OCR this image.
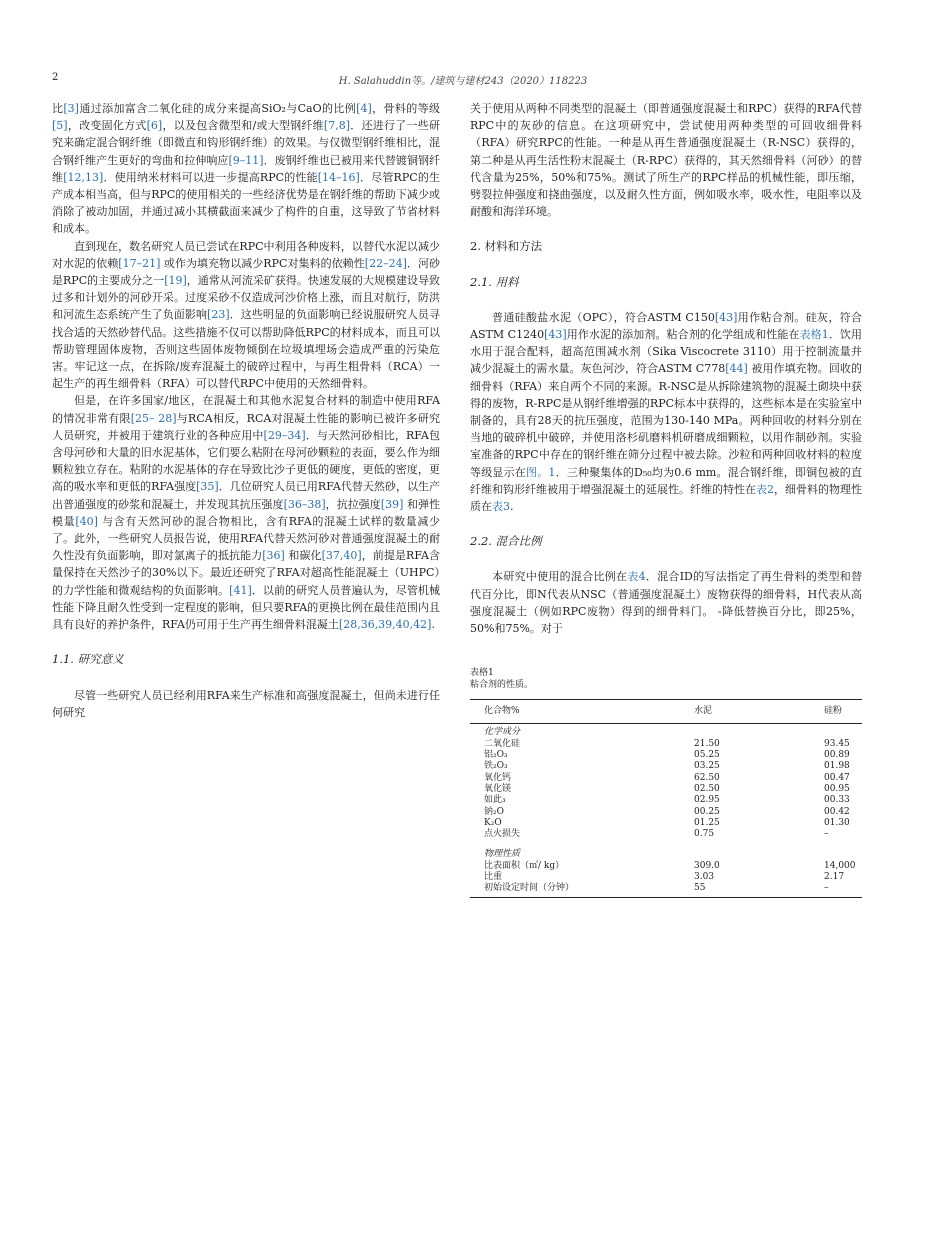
2	H. Salahuddin等。/建筑与建材243（2020）118223

比[3]通过添加富含二氧化硅的成分来提高SiO₂与CaO的比例[4]，骨料的等级[5]，改变固化方式[6]，以及包含微型和/或大型钢纤维[7,8]．还进行了一些研究来确定混合钢纤维（即微直和钩形钢纤维）的效果。与仅微型钢纤维相比，混合钢纤维产生更好的弯曲和拉伸响应[9–11]．废钢纤维也已被用来代替镀铜钢纤维[12,13]．使用纳米材料可以进一步提高RPC的性能[14–16]．尽管RPC的生产成本相当高，但与RPC的使用相关的一些经济优势是在钢纤维的帮助下减少或消除了被动加固，并通过减小其横截面来减少了构件的自重，这导致了节省材料和成本。

直到现在，数名研究人员已尝试在RPC中利用各种废料，以替代水泥以减少对水泥的依赖[17–21] 或作为填充物以减少RPC对集料的依赖性[22–24]．河砂是RPC的主要成分之一[19]，通常从河流采矿获得。快速发展的大规模建设导致过多和计划外的河砂开采。过度采砂不仅造成河沙价格上涨，而且对航行，防洪和河流生态系统产生了负面影响[23]．这些明显的负面影响已经说服研究人员寻找合适的天然砂替代品。这些措施不仅可以帮助降低RPC的材料成本，而且可以帮助管理固体废物，否则这些固体废物倾倒在垃圾填埋场会造成严重的污染危害。牢记这一点，在拆除/废弃混凝土的破碎过程中，与再生粗骨料（RCA）一起生产的再生细骨料（RFA）可以替代RPC中使用的天然细骨料。

但是，在许多国家/地区，在混凝土和其他水泥复合材料的制造中使用RFA的情况非常有限[25– 28]与RCA相反，RCA对混凝土性能的影响已被许多研究人员研究，并被用于建筑行业的各种应用中[29–34]．与天然河砂相比，RFA包含母河砂和大量的旧水泥基体，它们要么粘附在母河砂颗粒的表面，要么作为细颗粒独立存在。粘附的水泥基体的存在导致比沙子更低的硬度，更低的密度，更高的吸水率和更低的RFA强度[35]．几位研究人员已用RFA代替天然砂，以生产出普通强度的砂浆和混凝土，并发现其抗压强度[36–38]，抗拉强度[39] 和弹性模量[40] 与含有天然河砂的混合物相比，含有RFA的混凝土试样的数量减少了。此外，一些研究人员报告说，使用RFA代替天然河砂对普通强度混凝土的耐久性没有负面影响，即对氯离子的抵抗能力[36] 和碳化[37,40]，前提是RFA含量保持在天然沙子的30%以下。最近还研究了RFA对超高性能混凝土（UHPC）的力学性能和微观结构的负面影响。[41]．以前的研究人员普遍认为，尽管机械性能下降且耐久性受到一定程度的影响，但只要RFA的更换比例在最佳范围内且具有良好的养护条件，RFA仍可用于生产再生细骨料混凝土[28,36,39,40,42].

1.1. 研究意义

尽管一些研究人员已经利用RFA来生产标准和高强度混凝土，但尚未进行任何研究

关于使用从两种不同类型的混凝土（即普通强度混凝土和RPC）获得的RFA代替RPC中的灰砂的信息。在这项研究中，尝试使用两种类型的可回收细骨料（RFA）研究RPC的性能。一种是从再生普通强度混凝土（R-NSC）获得的，第二种是从再生活性粉末混凝土（R-RPC）获得的，其天然细骨料（河砂）的替代含量为25%，50%和75%。测试了所生产的RPC样品的机械性能，即压缩，劈裂拉伸强度和挠曲强度，以及耐久性方面，例如吸水率，吸水性，电阻率以及耐酸和海洋环境。

2. 材料和方法
2.1. 用料

普通硅酸盐水泥（OPC），符合ASTM C150[43]用作粘合剂。硅灰，符合ASTM C1240[43]用作水泥的添加剂。粘合剂的化学组成和性能在表格1．饮用水用于混合配料，超高范围减水剂（Sika Viscocrete 3110）用于控制流量并减少混凝土的需水量。灰色河沙，符合ASTM C778[44] 被用作填充物。回收的细骨料（RFA）来自两个不同的来源。R-NSC是从拆除建筑物的混凝土砌块中获得的废物，R-RPC是从钢纤维增强的RPC标本中获得的，这些标本是在实验室中制备的，具有28天的抗压强度，范围为130-140 MPa。两种回收的材料分别在当地的破碎机中破碎，并使用洛杉矶磨料机研磨成细颗粒，以用作制砂剂。实验室准备的RPC中存在的钢纤维在筛分过程中被去除。沙粒和两种回收材料的粒度等级显示在图。1．三种聚集体的D₅₀均为0.6 mm。混合钢纤维，即铜包被的直纤维和钩形纤维被用于增强混凝土的延展性。纤维的特性在表2，细骨料的物理性质在表3.

2.2. 混合比例

本研究中使用的混合比例在表4．混合ID的写法指定了再生骨料的类型和替代百分比，即N代表从NSC（普通强度混凝土）废物获得的细骨料，H代表从高强度混凝土（例如RPC废物）得到的细骨料门。 -降低替换百分比，即25%，50%和75%。对于

表格1
粘合剂的性质。
化合物%	水泥	硅粉
化学成分		
二氧化硅	21.50	93.45
铝₂O₃	05.25	00.89
铁₂O₃	03.25	01.98
氧化钙	62.50	00.47
氧化镁	02.50	00.95
如此₃	02.95	00.33
钠₂O	00.25	00.42
K₂O	01.25	01.30
点火损失	0.75	–

物理性质		
比表面积（㎡/ kg）	309.0	14,000
比重	3.03	2.17
初始设定时间（分钟）	55	–
